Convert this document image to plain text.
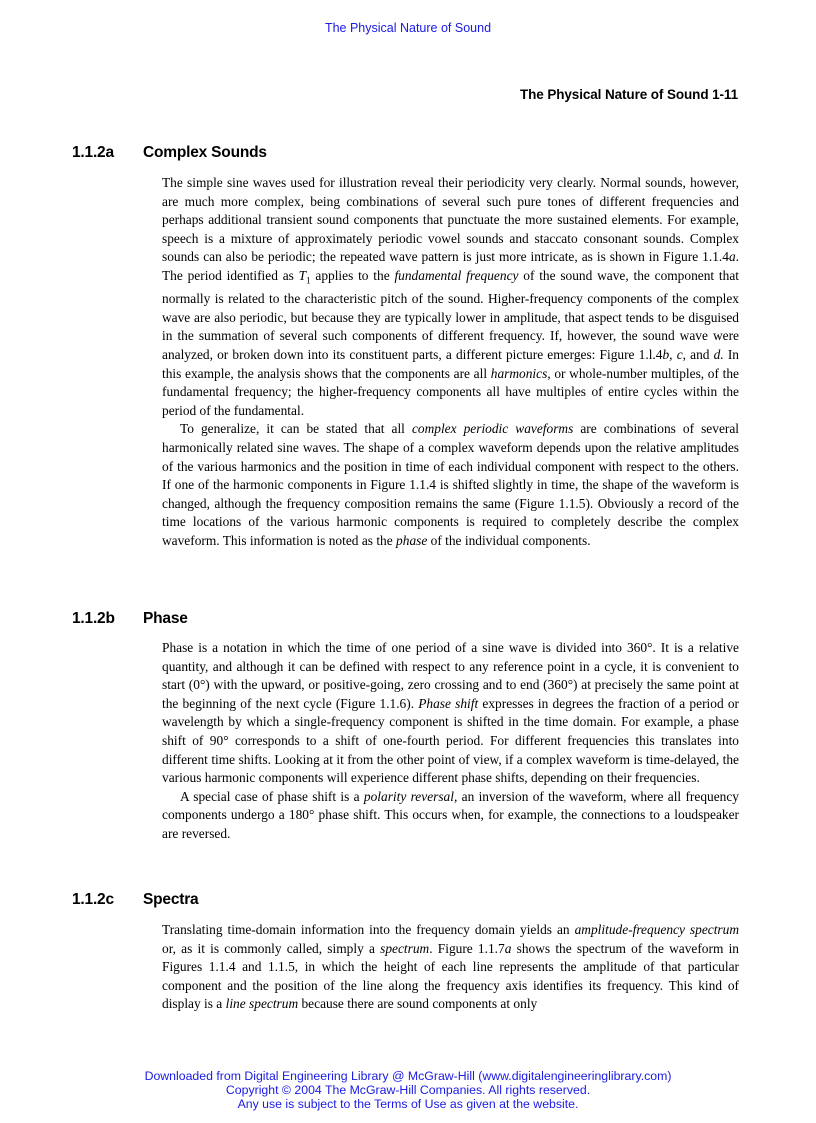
The Physical Nature of Sound
The Physical Nature of Sound 1-11
1.1.2a Complex Sounds

The simple sine waves used for illustration reveal their periodicity very clearly. Normal sounds, however, are much more complex, being combinations of several such pure tones of different frequencies and perhaps additional transient sound components that punctuate the more sustained elements. For example, speech is a mixture of approximately periodic vowel sounds and staccato consonant sounds. Complex sounds can also be periodic; the repeated wave pattern is just more intricate, as is shown in Figure 1.1.4a. The period identified as $T_1$ applies to the fundamental frequency of the sound wave, the component that normally is related to the characteristic pitch of the sound. Higher-frequency components of the complex wave are also periodic, but because they are typically lower in amplitude, that aspect tends to be disguised in the summation of several such components of different frequency. If, however, the sound wave were analyzed, or broken down into its constituent parts, a different picture emerges: Figure 1.l.4b, c, and d. In this example, the analysis shows that the components are all harmonics, or whole-number multiples, of the fundamental frequency; the higher-frequency components all have multiples of entire cycles within the period of the fundamental.

To generalize, it can be stated that all complex periodic waveforms are combinations of several harmonically related sine waves. The shape of a complex waveform depends upon the relative amplitudes of the various harmonics and the position in time of each individual component with respect to the others. If one of the harmonic components in Figure 1.1.4 is shifted slightly in time, the shape of the waveform is changed, although the frequency composition remains the same (Figure 1.1.5). Obviously a record of the time locations of the various harmonic components is required to completely describe the complex waveform. This information is noted as the phase of the individual components.

1.1.2b Phase

Phase is a notation in which the time of one period of a sine wave is divided into 360°. It is a relative quantity, and although it can be defined with respect to any reference point in a cycle, it is convenient to start (0°) with the upward, or positive-going, zero crossing and to end (360°) at precisely the same point at the beginning of the next cycle (Figure 1.1.6). Phase shift expresses in degrees the fraction of a period or wavelength by which a single-frequency component is shifted in the time domain. For example, a phase shift of 90° corresponds to a shift of one-fourth period. For different frequencies this translates into different time shifts. Looking at it from the other point of view, if a complex waveform is time-delayed, the various harmonic components will experience different phase shifts, depending on their frequencies.

A special case of phase shift is a polarity reversal, an inversion of the waveform, where all frequency components undergo a 180° phase shift. This occurs when, for example, the connections to a loudspeaker are reversed.

1.1.2c Spectra

Translating time-domain information into the frequency domain yields an amplitude-frequency spectrum or, as it is commonly called, simply a spectrum. Figure 1.1.7a shows the spectrum of the waveform in Figures 1.1.4 and 1.1.5, in which the height of each line represents the amplitude of that particular component and the position of the line along the frequency axis identifies its frequency. This kind of display is a line spectrum because there are sound components at only

Downloaded from Digital Engineering Library @ McGraw-Hill (www.digitalengineeringlibrary.com)
Copyright © 2004 The McGraw-Hill Companies. All rights reserved.
Any use is subject to the Terms of Use as given at the website.
